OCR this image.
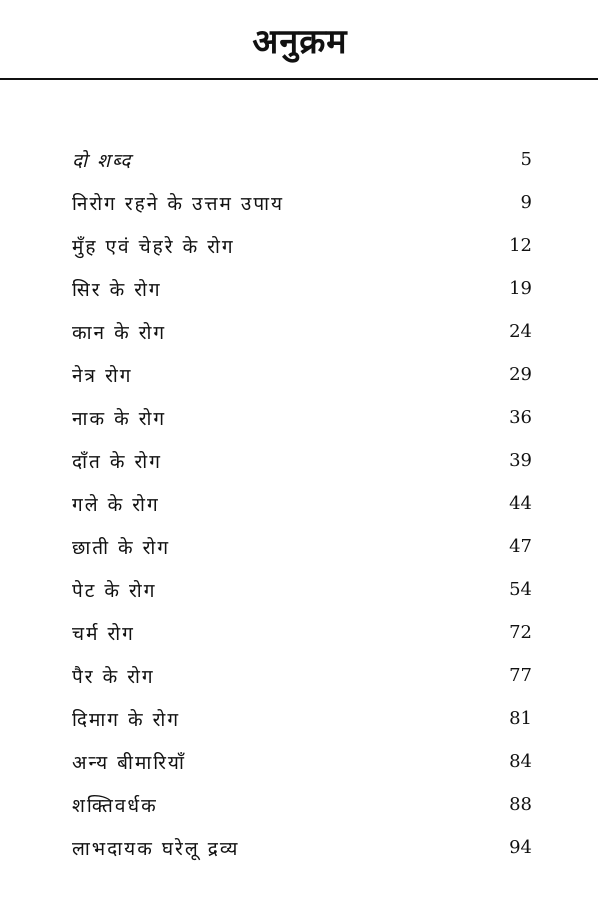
अनुक्रम
दो शब्द	5
निरोग रहने के उत्तम उपाय	9
मुँह एवं चेहरे के रोग	12
सिर के रोग	19
कान के रोग	24
नेत्र रोग	29
नाक के रोग	36
दाँत के रोग	39
गले के रोग	44
छाती के रोग	47
पेट के रोग	54
चर्म रोग	72
पैर के रोग	77
दिमाग के रोग	81
अन्य बीमारियाँ	84
शक्तिवर्धक	88
लाभदायक घरेलू द्रव्य	94
